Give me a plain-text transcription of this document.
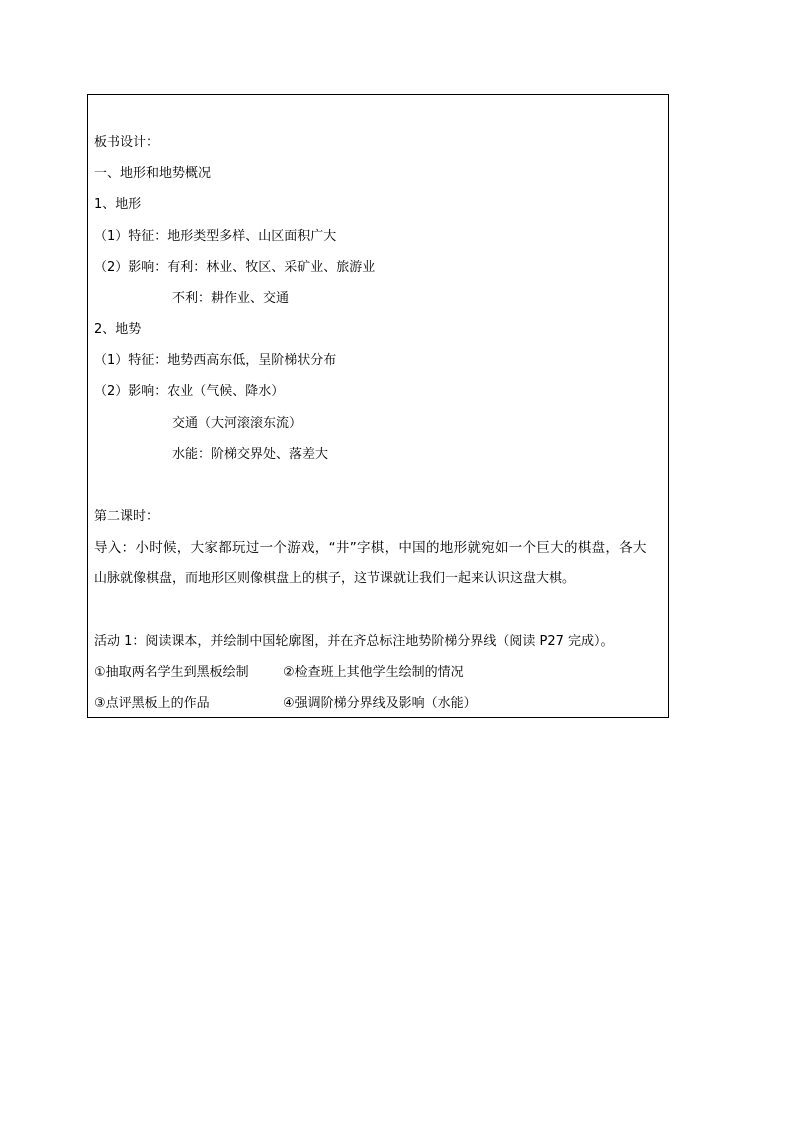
板书设计：
一、地形和地势概况
1、地形
（1）特征：地形类型多样、山区面积广大
（2）影响：有利：林业、牧区、采矿业、旅游业
不利：耕作业、交通
2、地势
（1）特征：地势西高东低，呈阶梯状分布
（2）影响：农业（气候、降水）
交通（大河滚滚东流）
水能：阶梯交界处、落差大
第二课时：
导入：小时候，大家都玩过一个游戏，“井”字棋，中国的地形就宛如一个巨大的棋盘，各大
山脉就像棋盘，而地形区则像棋盘上的棋子，这节课就让我们一起来认识这盘大棋。
活动 1：阅读课本，并绘制中国轮廓图，并在齐总标注地势阶梯分界线（阅读 P27 完成）。
①抽取两名学生到黑板绘制	②检查班上其他学生绘制的情况
③点评黑板上的作品	④强调阶梯分界线及影响（水能）
